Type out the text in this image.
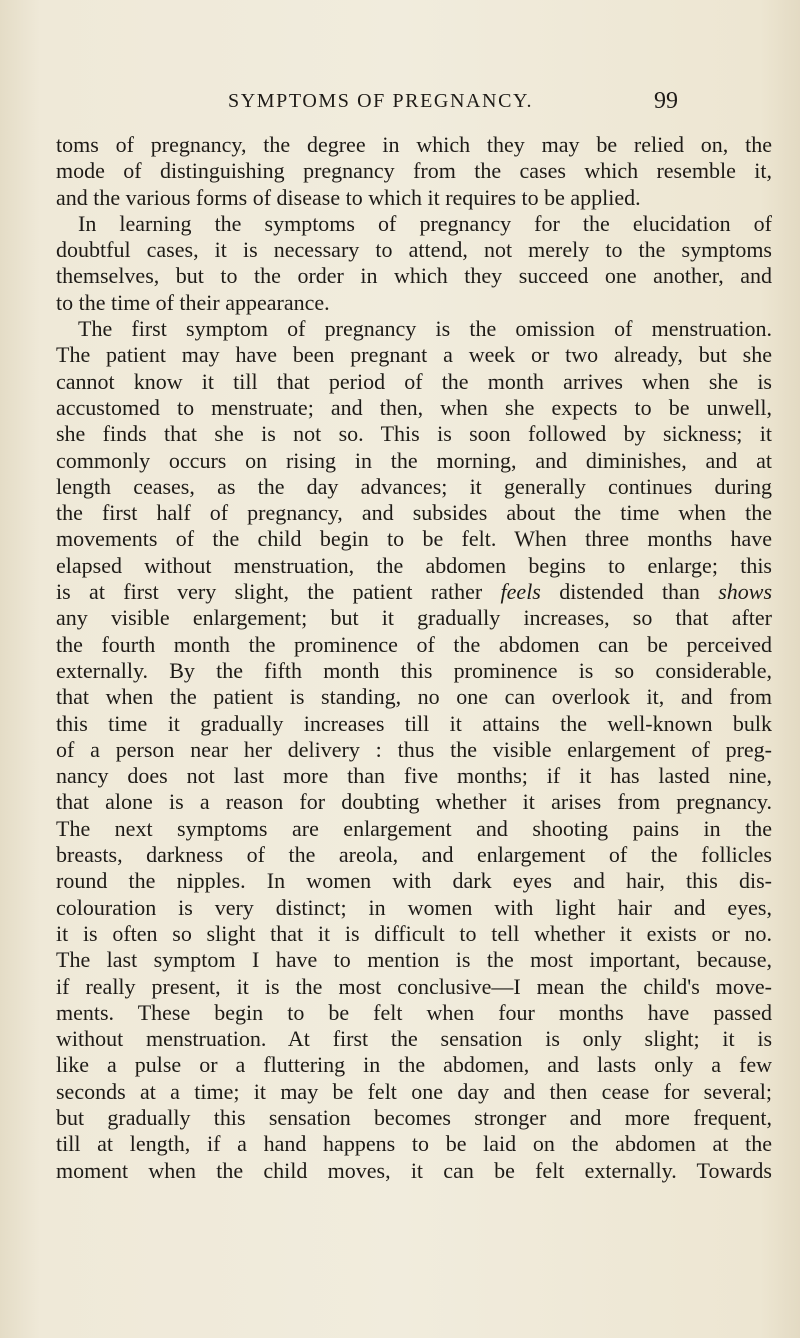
SYMPTOMS OF PREGNANCY.	99
toms of pregnancy, the degree in which they may be relied on, the
mode of distinguishing pregnancy from the cases which resemble it,
and the various forms of disease to which it requires to be applied.
In learning the symptoms of pregnancy for the elucidation of
doubtful cases, it is necessary to attend, not merely to the symptoms
themselves, but to the order in which they succeed one another, and
to the time of their appearance.
The first symptom of pregnancy is the omission of menstruation.
The patient may have been pregnant a week or two already, but she
cannot know it till that period of the month arrives when she is
accustomed to menstruate; and then, when she expects to be unwell,
she finds that she is not so. This is soon followed by sickness; it
commonly occurs on rising in the morning, and diminishes, and at
length ceases, as the day advances; it generally continues during
the first half of pregnancy, and subsides about the time when the
movements of the child begin to be felt. When three months have
elapsed without menstruation, the abdomen begins to enlarge; this
is at first very slight, the patient rather feels distended than shows
any visible enlargement; but it gradually increases, so that after
the fourth month the prominence of the abdomen can be perceived
externally. By the fifth month this prominence is so considerable,
that when the patient is standing, no one can overlook it, and from
this time it gradually increases till it attains the well-known bulk
of a person near her delivery : thus the visible enlargement of preg-
nancy does not last more than five months; if it has lasted nine,
that alone is a reason for doubting whether it arises from pregnancy.
The next symptoms are enlargement and shooting pains in the
breasts, darkness of the areola, and enlargement of the follicles
round the nipples. In women with dark eyes and hair, this dis-
colouration is very distinct; in women with light hair and eyes,
it is often so slight that it is difficult to tell whether it exists or no.
The last symptom I have to mention is the most important, because,
if really present, it is the most conclusive—I mean the child's move-
ments. These begin to be felt when four months have passed
without menstruation. At first the sensation is only slight; it is
like a pulse or a fluttering in the abdomen, and lasts only a few
seconds at a time; it may be felt one day and then cease for several;
but gradually this sensation becomes stronger and more frequent,
till at length, if a hand happens to be laid on the abdomen at the
moment when the child moves, it can be felt externally. Towards
